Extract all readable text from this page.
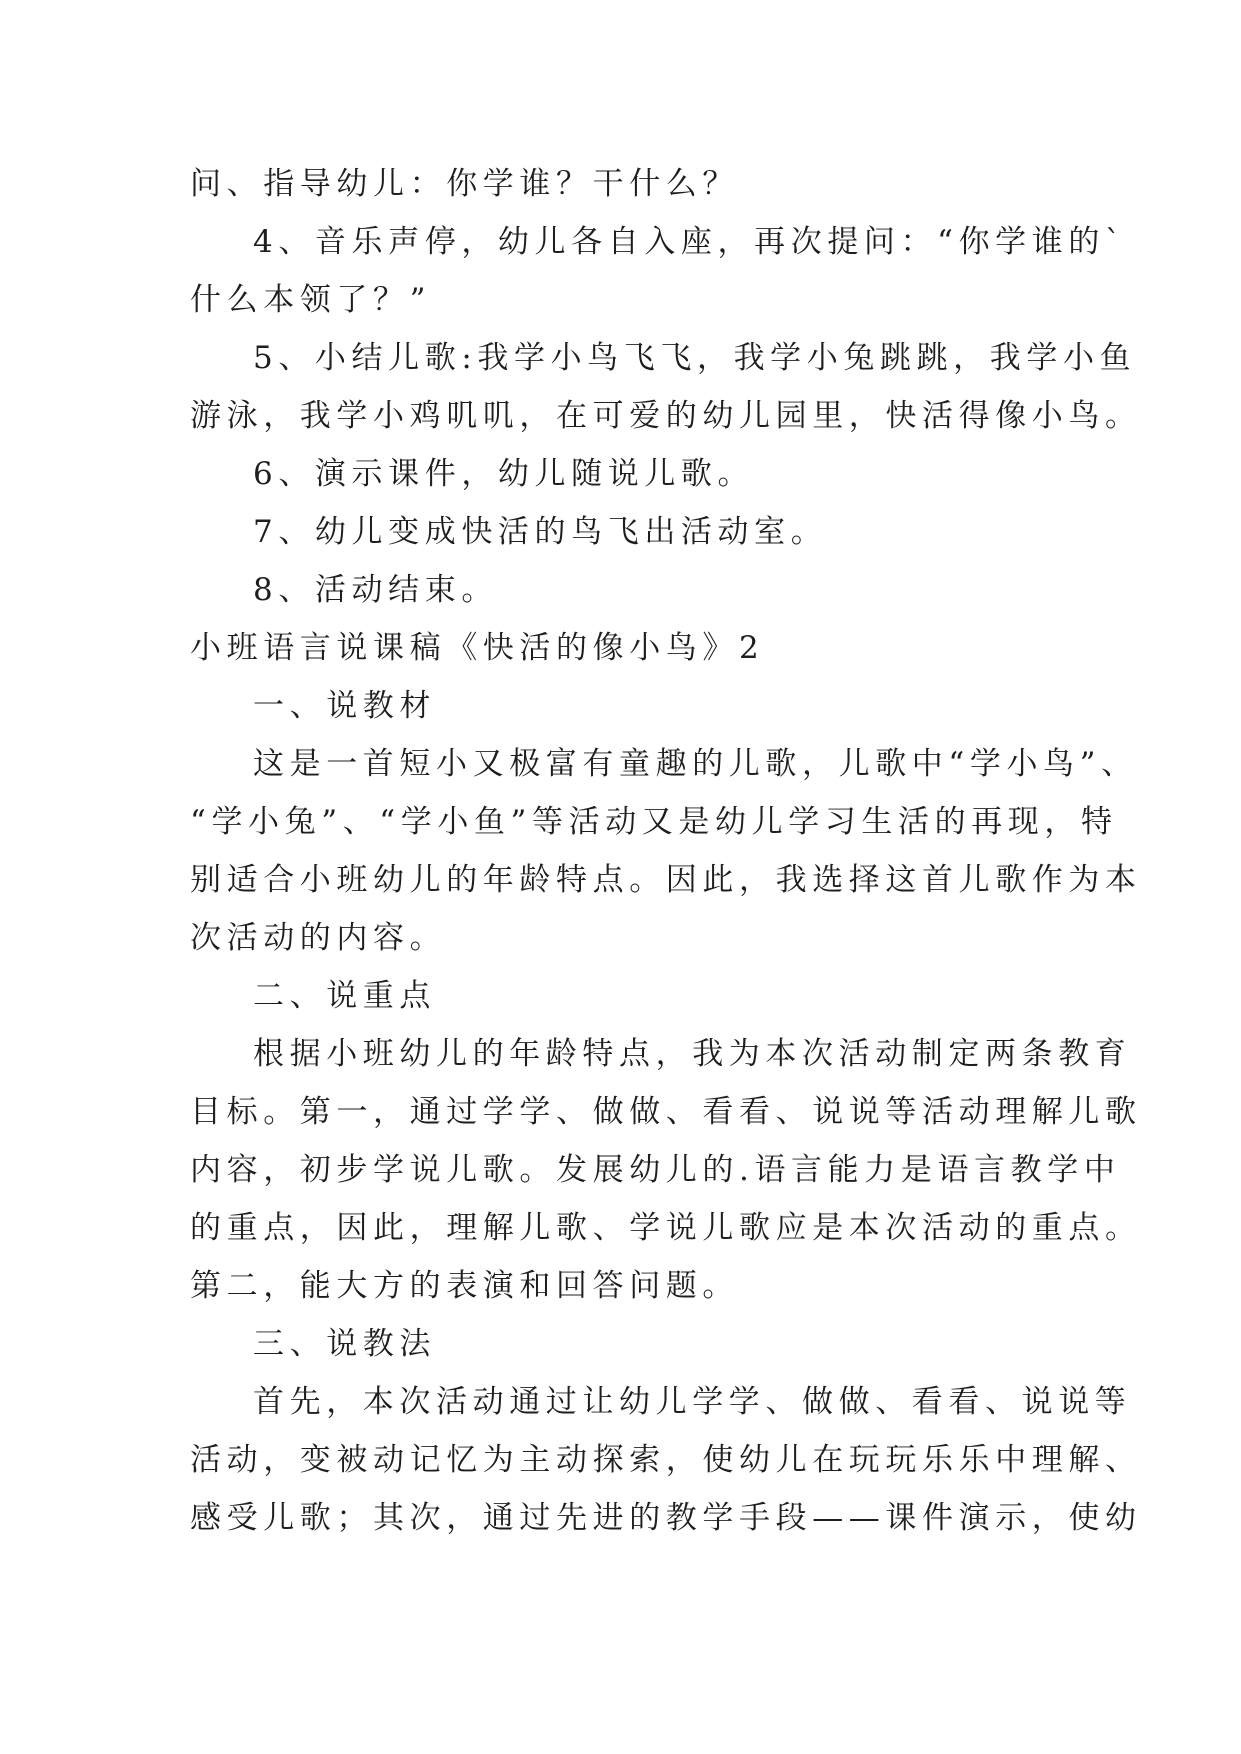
问、指导幼儿：你学谁？干什么？

4、音乐声停，幼儿各自入座，再次提问：“你学谁的`

什么本领了？”

5、小结儿歌:我学小鸟飞飞，我学小兔跳跳，我学小鱼

游泳，我学小鸡叽叽，在可爱的幼儿园里，快活得像小鸟。

6、演示课件，幼儿随说儿歌。

7、幼儿变成快活的鸟飞出活动室。

8、活动结束。

小班语言说课稿《快活的像小鸟》2

一、说教材

这是一首短小又极富有童趣的儿歌，儿歌中“学小鸟”、

“学小兔”、“学小鱼”等活动又是幼儿学习生活的再现，特

别适合小班幼儿的年龄特点。因此，我选择这首儿歌作为本

次活动的内容。

二、说重点

根据小班幼儿的年龄特点，我为本次活动制定两条教育

目标。第一，通过学学、做做、看看、说说等活动理解儿歌

内容，初步学说儿歌。发展幼儿的.语言能力是语言教学中

的重点，因此，理解儿歌、学说儿歌应是本次活动的重点。

第二，能大方的表演和回答问题。

三、说教法

首先，本次活动通过让幼儿学学、做做、看看、说说等

活动，变被动记忆为主动探索，使幼儿在玩玩乐乐中理解、

感受儿歌；其次，通过先进的教学手段——课件演示，使幼
